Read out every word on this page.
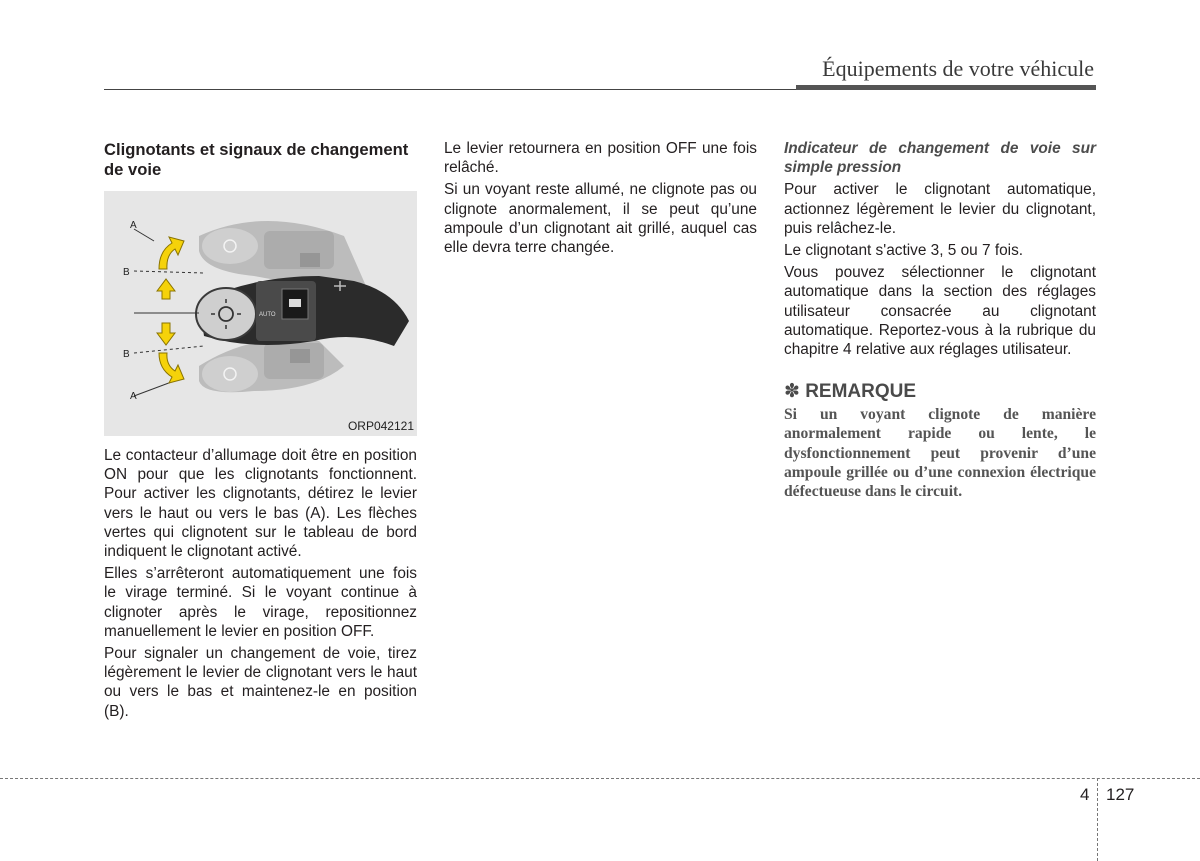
Équipements de votre véhicule
Clignotants et signaux de changement de voie
AUTO
A
B
B
A
ORP042121

Le contacteur d’allumage doit être en position ON pour que les clignotants fonctionnent. Pour activer les clignotants, détirez le levier vers le haut ou vers le bas (A). Les flèches vertes qui clignotent sur le tableau de bord indiquent le clignotant activé.

Elles s’arrêteront automatiquement une fois le virage terminé. Si le voyant continue à clignoter après le virage, repositionnez manuellement le levier en position OFF.

Pour signaler un changement de voie, tirez légèrement le levier de clignotant vers le haut ou vers le bas et maintenez-le en position (B).

Le levier retournera en position OFF une fois relâché.

Si un voyant reste allumé, ne clignote pas ou clignote anormalement, il se peut qu’une ampoule d’un clignotant ait grillé, auquel cas elle devra terre changée.

Indicateur de changement de voie sur simple pression

Pour activer le clignotant automatique, actionnez légèrement le levier du clignotant, puis relâchez-le.

Le clignotant s'active 3, 5 ou 7 fois.

Vous pouvez sélectionner le clignotant automatique dans la section des réglages utilisateur consacrée au clignotant automatique. Reportez-vous à la rubrique du chapitre 4 relative aux réglages utilisateur.

✽ REMARQUE

Si un voyant clignote de manière anormalement rapide ou lente, le dysfonctionnement peut provenir d’une ampoule grillée ou d’une connexion électrique défectueuse dans le circuit.

4 127
